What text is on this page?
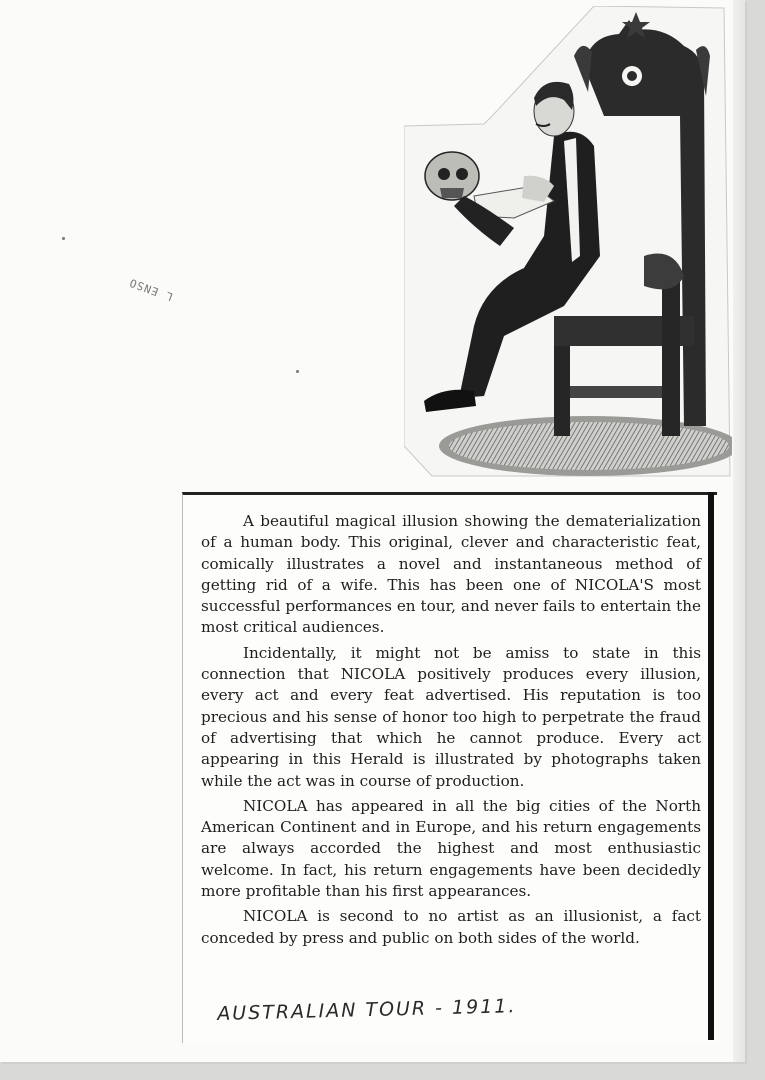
L ENSO

A beautiful magical illusion showing the dematerialization of a human body. This original, clever and characteristic feat, comically illustrates a novel and instantaneous method of getting rid of a wife. This has been one of NICOLA'S most successful performances en tour, and never fails to entertain the most critical audiences.

Incidentally, it might not be amiss to state in this connection that NICOLA positively produces every illusion, every act and every feat advertised. His reputation is too precious and his sense of honor too high to perpetrate the fraud of advertising that which he cannot produce. Every act appearing in this Herald is illustrated by photographs taken while the act was in course of production.

NICOLA has appeared in all the big cities of the North American Continent and in Europe, and his return engagements are always accorded the highest and most enthusiastic welcome. In fact, his return engagements have been decidedly more profitable than his first appearances.

NICOLA is second to no artist as an illusionist, a fact conceded by press and public on both sides of the world.

AUSTRALIAN TOUR - 1911.
